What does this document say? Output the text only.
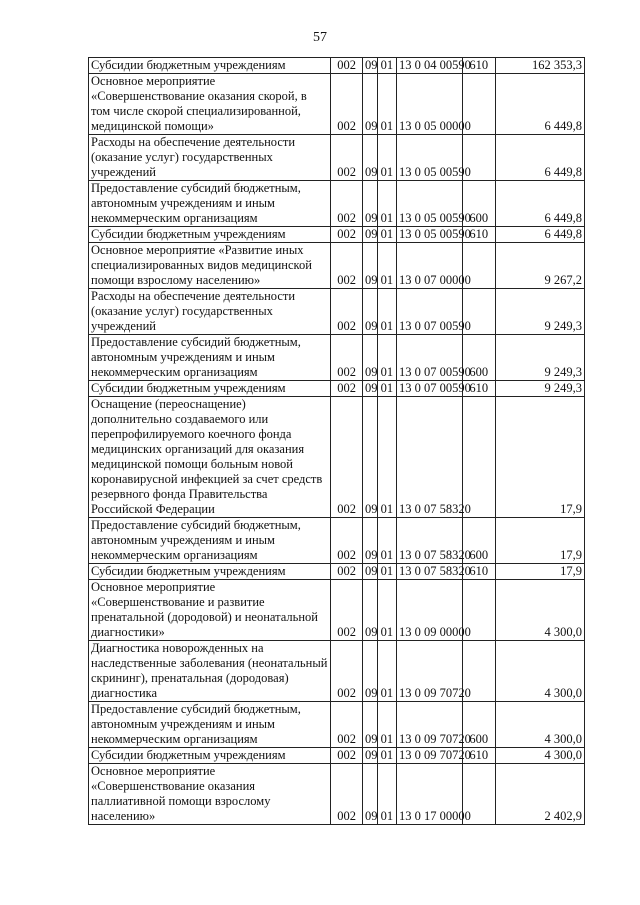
57
Субсидии бюджетным учреждениям	002	09	01	13 0 04 00590	610	162 353,3
Основное мероприятие «Совершенствование оказания скорой, в том числе скорой специализированной, медицинской помощи»	002	09	01	13 0 05 00000		6 449,8
Расходы на обеспечение деятельности (оказание услуг) государственных учреждений	002	09	01	13 0 05 00590		6 449,8
Предоставление субсидий бюджетным, автономным учреждениям и иным некоммерческим организациям	002	09	01	13 0 05 00590	600	6 449,8
Субсидии бюджетным учреждениям	002	09	01	13 0 05 00590	610	6 449,8
Основное мероприятие «Развитие иных специализированных видов медицинской помощи взрослому населению»	002	09	01	13 0 07 00000		9 267,2
Расходы на обеспечение деятельности (оказание услуг) государственных учреждений	002	09	01	13 0 07 00590		9 249,3
Предоставление субсидий бюджетным, автономным учреждениям и иным некоммерческим организациям	002	09	01	13 0 07 00590	600	9 249,3
Субсидии бюджетным учреждениям	002	09	01	13 0 07 00590	610	9 249,3
Оснащение (переоснащение) дополнительно создаваемого или перепрофилируемого коечного фонда медицинских организаций для оказания медицинской помощи больным новой коронавирусной инфекцией за счет средств резервного фонда Правительства Российской Федерации	002	09	01	13 0 07 58320		17,9
Предоставление субсидий бюджетным, автономным учреждениям и иным некоммерческим организациям	002	09	01	13 0 07 58320	600	17,9
Субсидии бюджетным учреждениям	002	09	01	13 0 07 58320	610	17,9
Основное мероприятие «Совершенствование и развитие пренатальной (дородовой) и неонатальной диагностики»	002	09	01	13 0 09 00000		4 300,0
Диагностика новорожденных на наследственные заболевания (неонатальный скрининг), пренатальная (дородовая) диагностика	002	09	01	13 0 09 70720		4 300,0
Предоставление субсидий бюджетным, автономным учреждениям и иным некоммерческим организациям	002	09	01	13 0 09 70720	600	4 300,0
Субсидии бюджетным учреждениям	002	09	01	13 0 09 70720	610	4 300,0
Основное мероприятие «Совершенствование оказания паллиативной помощи взрослому населению»	002	09	01	13 0 17 00000		2 402,9
